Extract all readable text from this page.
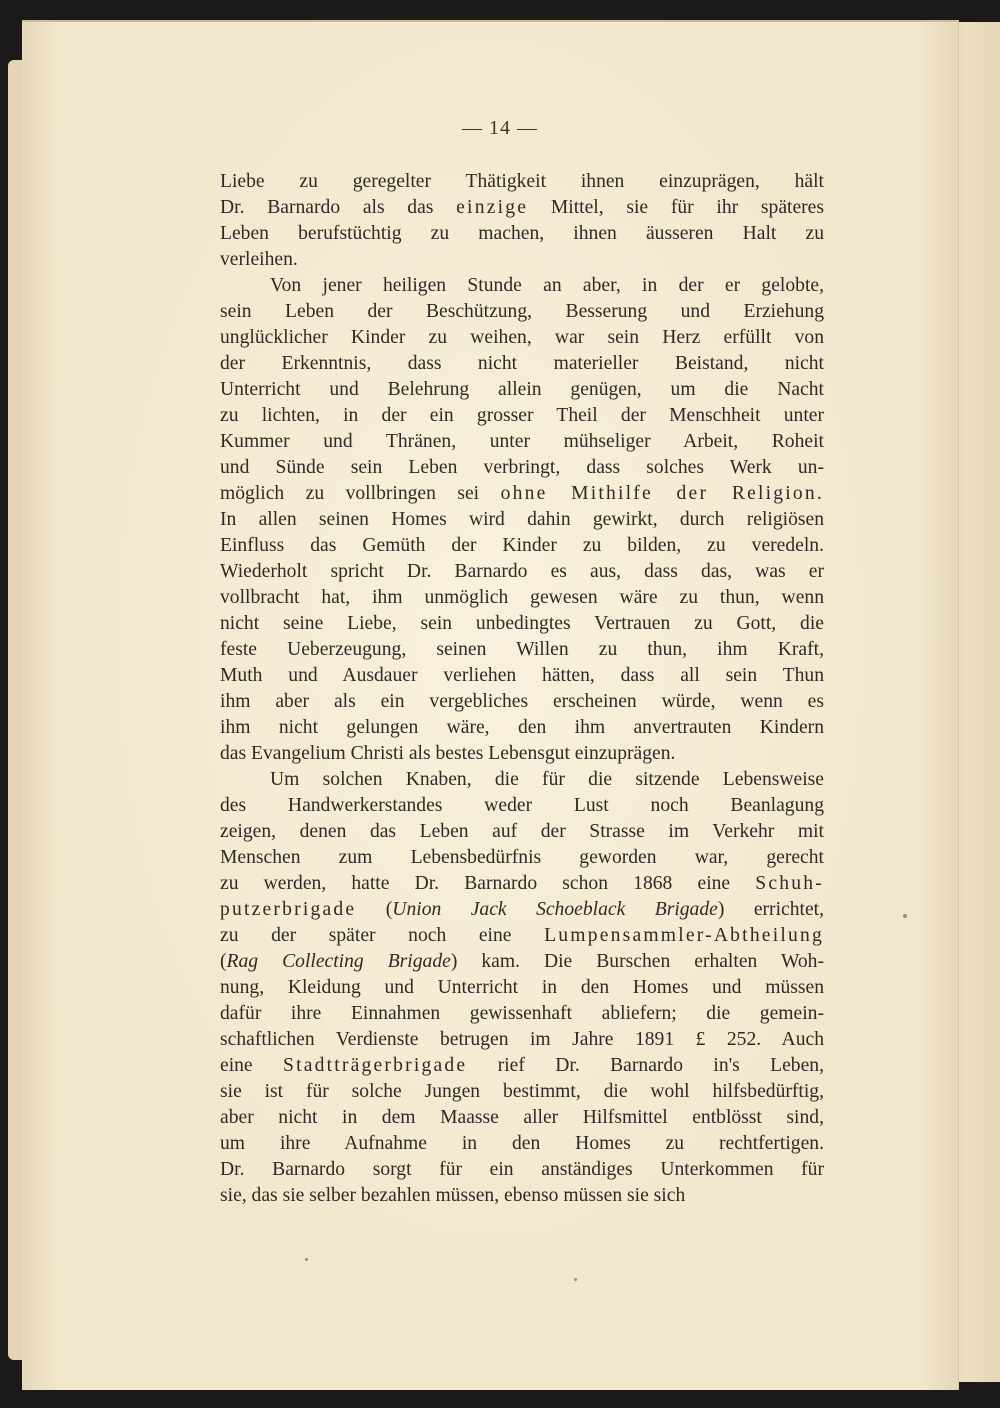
— 14 —
Liebe zu geregelter Thätigkeit ihnen einzuprägen, hält
Dr. Barnardo als das einzige Mittel, sie für ihr späteres
Leben berufstüchtig zu machen, ihnen äusseren Halt zu
verleihen.
Von jener heiligen Stunde an aber, in der er gelobte,
sein Leben der Beschützung, Besserung und Erziehung
unglücklicher Kinder zu weihen, war sein Herz erfüllt von
der Erkenntnis, dass nicht materieller Beistand, nicht
Unterricht und Belehrung allein genügen, um die Nacht
zu lichten, in der ein grosser Theil der Menschheit unter
Kummer und Thränen, unter mühseliger Arbeit, Roheit
und Sünde sein Leben verbringt, dass solches Werk un-
möglich zu vollbringen sei ohne Mithilfe der Religion.
In allen seinen Homes wird dahin gewirkt, durch religiösen
Einfluss das Gemüth der Kinder zu bilden, zu veredeln.
Wiederholt spricht Dr. Barnardo es aus, dass das, was er
vollbracht hat, ihm unmöglich gewesen wäre zu thun, wenn
nicht seine Liebe, sein unbedingtes Vertrauen zu Gott, die
feste Ueberzeugung, seinen Willen zu thun, ihm Kraft,
Muth und Ausdauer verliehen hätten, dass all sein Thun
ihm aber als ein vergebliches erscheinen würde, wenn es
ihm nicht gelungen wäre, den ihm anvertrauten Kindern
das Evangelium Christi als bestes Lebensgut einzuprägen.
Um solchen Knaben, die für die sitzende Lebensweise
des Handwerkerstandes weder Lust noch Beanlagung
zeigen, denen das Leben auf der Strasse im Verkehr mit
Menschen zum Lebensbedürfnis geworden war, gerecht
zu werden, hatte Dr. Barnardo schon 1868 eine Schuh-
putzerbrigade (Union Jack Schoeblack Brigade) errichtet,
zu der später noch eine Lumpensammler-Abtheilung
(Rag Collecting Brigade) kam. Die Burschen erhalten Woh-
nung, Kleidung und Unterricht in den Homes und müssen
dafür ihre Einnahmen gewissenhaft abliefern; die gemein-
schaftlichen Verdienste betrugen im Jahre 1891 £ 252. Auch
eine Stadtträgerbrigade rief Dr. Barnardo in's Leben,
sie ist für solche Jungen bestimmt, die wohl hilfsbedürftig,
aber nicht in dem Maasse aller Hilfsmittel entblösst sind,
um ihre Aufnahme in den Homes zu rechtfertigen.
Dr. Barnardo sorgt für ein anständiges Unterkommen für
sie, das sie selber bezahlen müssen, ebenso müssen sie sich
